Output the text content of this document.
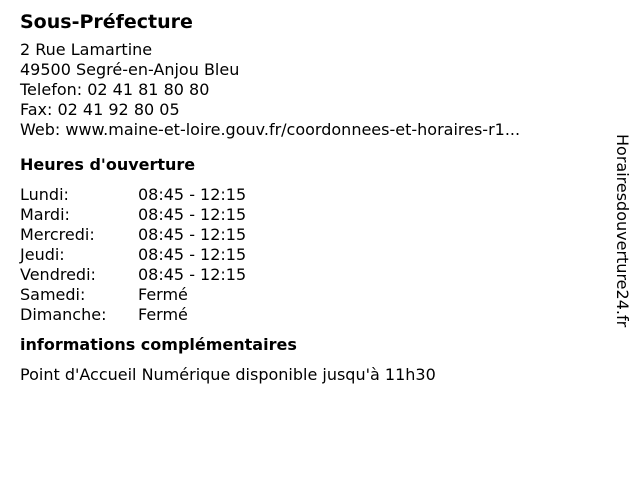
Sous-Préfecture
2 Rue Lamartine
49500 Segré-en-Anjou Bleu
Telefon: 02 41 81 80 80
Fax: 02 41 92 80 05
Web: www.maine-et-loire.gouv.fr/coordonnees-et-horaires-r1...
Heures d'ouverture
Lundi:	08:45 - 12:15
Mardi:	08:45 - 12:15
Mercredi:	08:45 - 12:15
Jeudi:	08:45 - 12:15
Vendredi:	08:45 - 12:15
Samedi:	Fermé
Dimanche:	Fermé
informations complémentaires
Point d'Accueil Numérique disponible jusqu'à 11h30
Horairesdouverture24.fr
